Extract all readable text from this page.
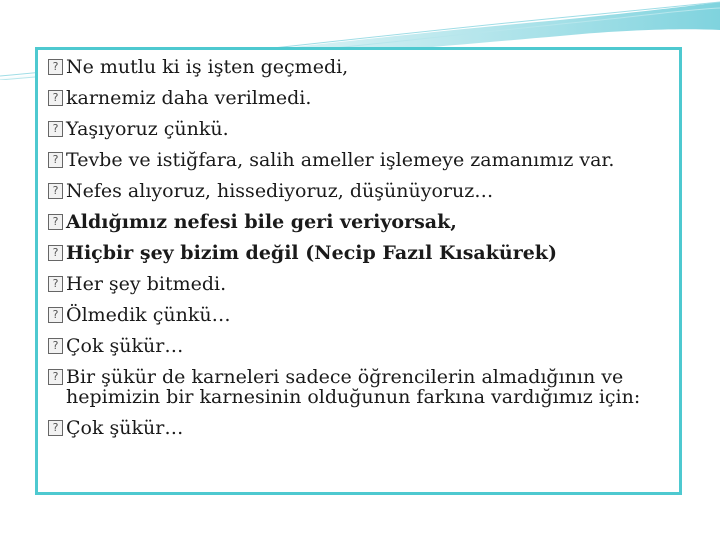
?
Ne mutlu ki iş işten geçmedi,
?
karnemiz daha verilmedi.
?
Yaşıyoruz çünkü.
?
Tevbe ve istiğfara, salih ameller işlemeye zamanımız var.
?
Nefes alıyoruz, hissediyoruz, düşünüyoruz…
?
Aldığımız nefesi bile geri veriyorsak,
?
Hiçbir şey bizim değil (Necip Fazıl Kısakürek)
?
Her şey bitmedi.
?
Ölmedik çünkü…
?
Çok şükür…
?
Bir şükür de karneleri sadece öğrencilerin almadığının ve hepimizin bir karnesinin olduğunun farkına vardığımız için:
?
Çok şükür…
